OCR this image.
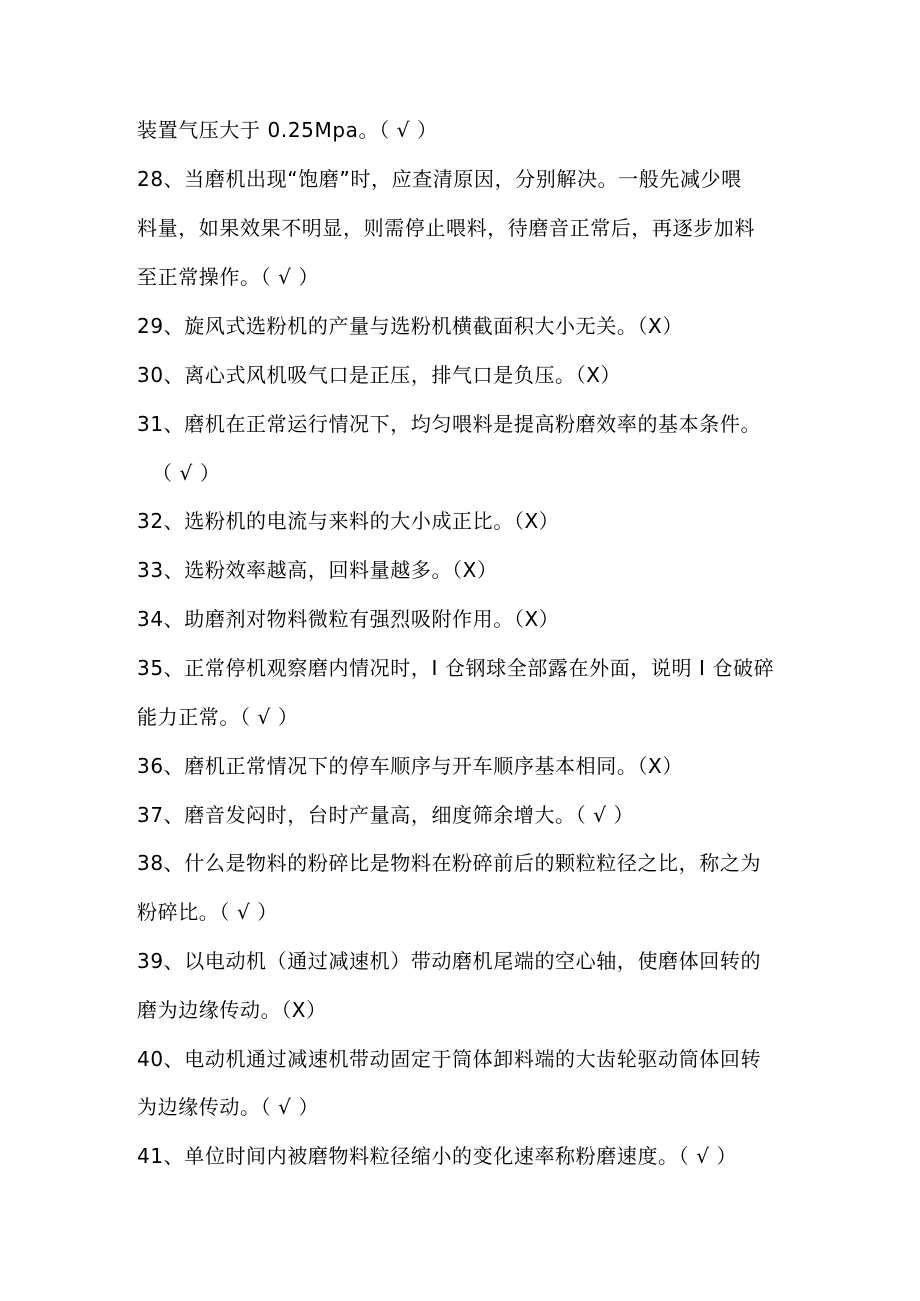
装置气压大于 0.25Mpa。（ √ ）
28、当磨机出现“饱磨”时，应查清原因，分别解决。一般先减少喂
料量，如果效果不明显，则需停止喂料，待磨音正常后，再逐步加料
至正常操作。（ √ ）
29、旋风式选粉机的产量与选粉机横截面积大小无关。（X）
30、离心式风机吸气口是正压，排气口是负压。（X）
31、磨机在正常运行情况下，均匀喂料是提高粉磨效率的基本条件。
（ √ ）
32、选粉机的电流与来料的大小成正比。（X）
33、选粉效率越高，回料量越多。（X）
34、助磨剂对物料微粒有强烈吸附作用。（X）
35、正常停机观察磨内情况时，I 仓钢球全部露在外面，说明 I 仓破碎
能力正常。（ √ ）
36、磨机正常情况下的停车顺序与开车顺序基本相同。（X）
37、磨音发闷时，台时产量高，细度筛余增大。（ √ ）
38、什么是物料的粉碎比是物料在粉碎前后的颗粒粒径之比，称之为
粉碎比。（ √ ）
39、以电动机（通过减速机）带动磨机尾端的空心轴，使磨体回转的
磨为边缘传动。（X）
40、电动机通过减速机带动固定于筒体卸料端的大齿轮驱动筒体回转
为边缘传动。（ √ ）
41、单位时间内被磨物料粒径缩小的变化速率称粉磨速度。（ √ ）
